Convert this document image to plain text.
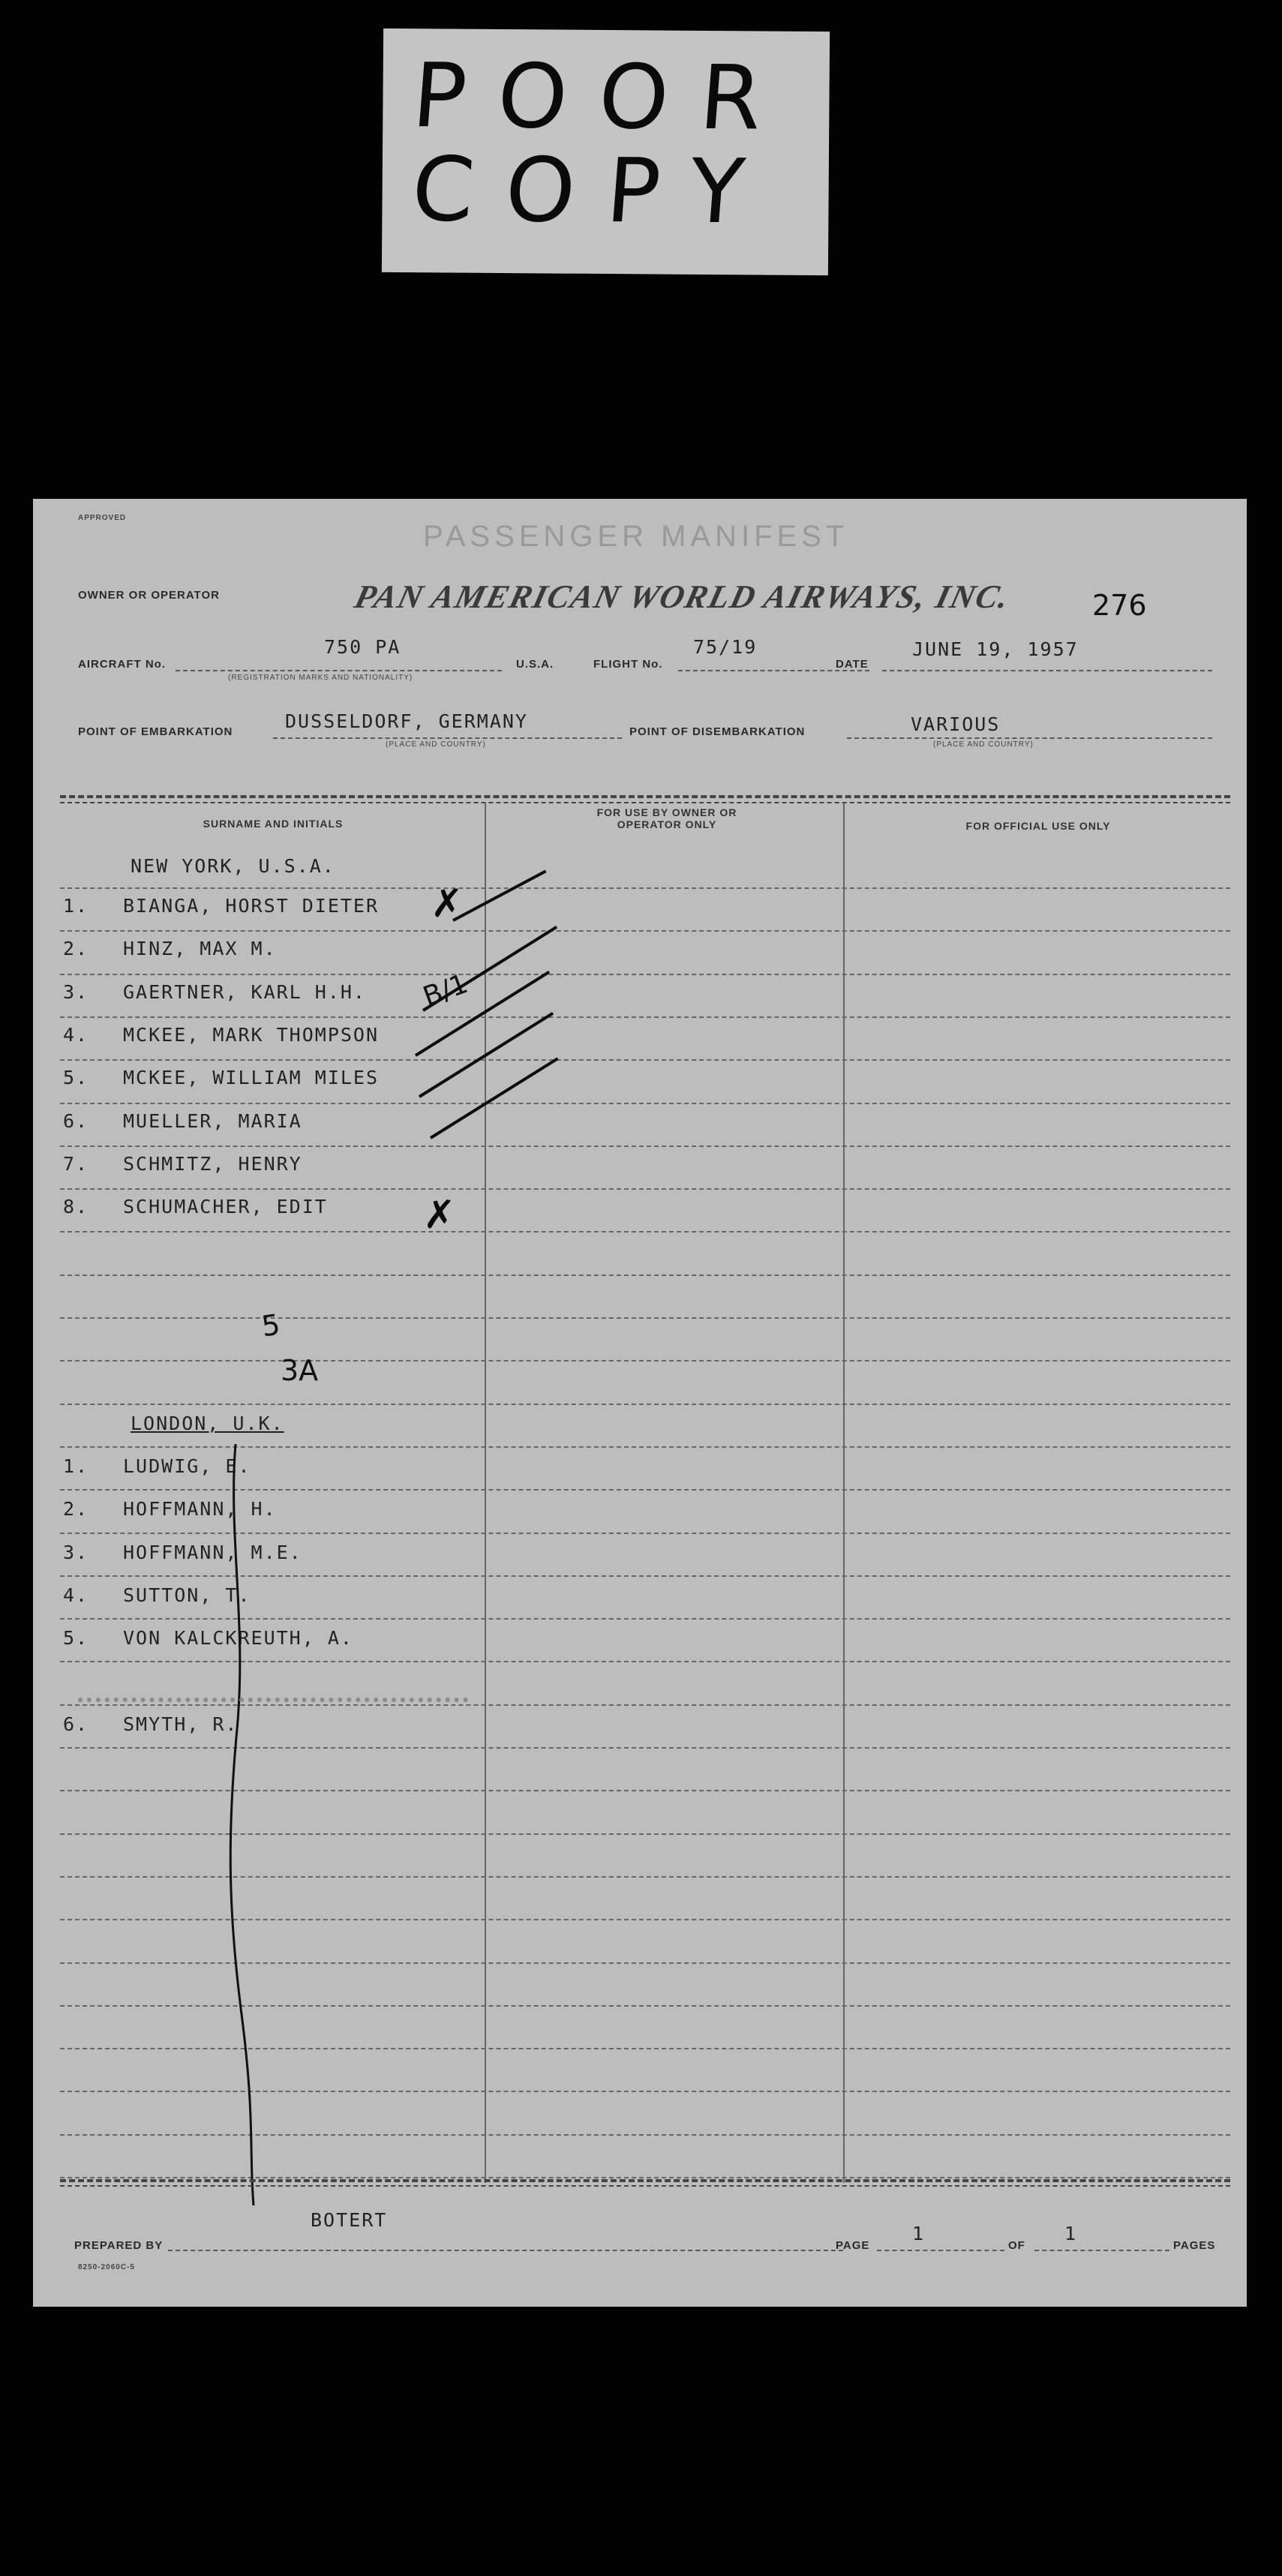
POOR
COPY
APPROVED
PASSENGER MANIFEST
OWNER OR OPERATOR	PAN AMERICAN WORLD AIRWAYS, INC.	276
AIRCRAFT No.
750 PA
(REGISTRATION MARKS AND NATIONALITY)
U.S.A.	FLIGHT No.
75/19
DATE
JUNE 19, 1957
POINT OF EMBARKATION	DUSSELDORF, GERMANY
(PLACE AND COUNTRY)
POINT OF DISEMBARKATION	VARIOUS
(PLACE AND COUNTRY)
SURNAME AND INITIALS
FOR USE BY OWNER OR OPERATOR ONLY	FOR OFFICIAL USE ONLY
NEW YORK, U.S.A.
1. BIANGA, HORST DIETER
2. HINZ, MAX M.
3. GAERTNER, KARL H.H.
4. MCKEE, MARK THOMPSON
5. MCKEE, WILLIAM MILES
6. MUELLER, MARIA
7. SCHMITZ, HENRY
8. SCHUMACHER, EDIT
LONDON, U.K.
1. LUDWIG, E.
2. HOFFMANN, H.
3. HOFFMANN, M.E.
4. SUTTON, T.
5. VON KALCKREUTH, A.
6. SMYTH, R.
5
3A
B/1
✗
✗
BOTERT
PREPARED BY
8250-2060C-5
PAGE
1
OF
1
PAGES
